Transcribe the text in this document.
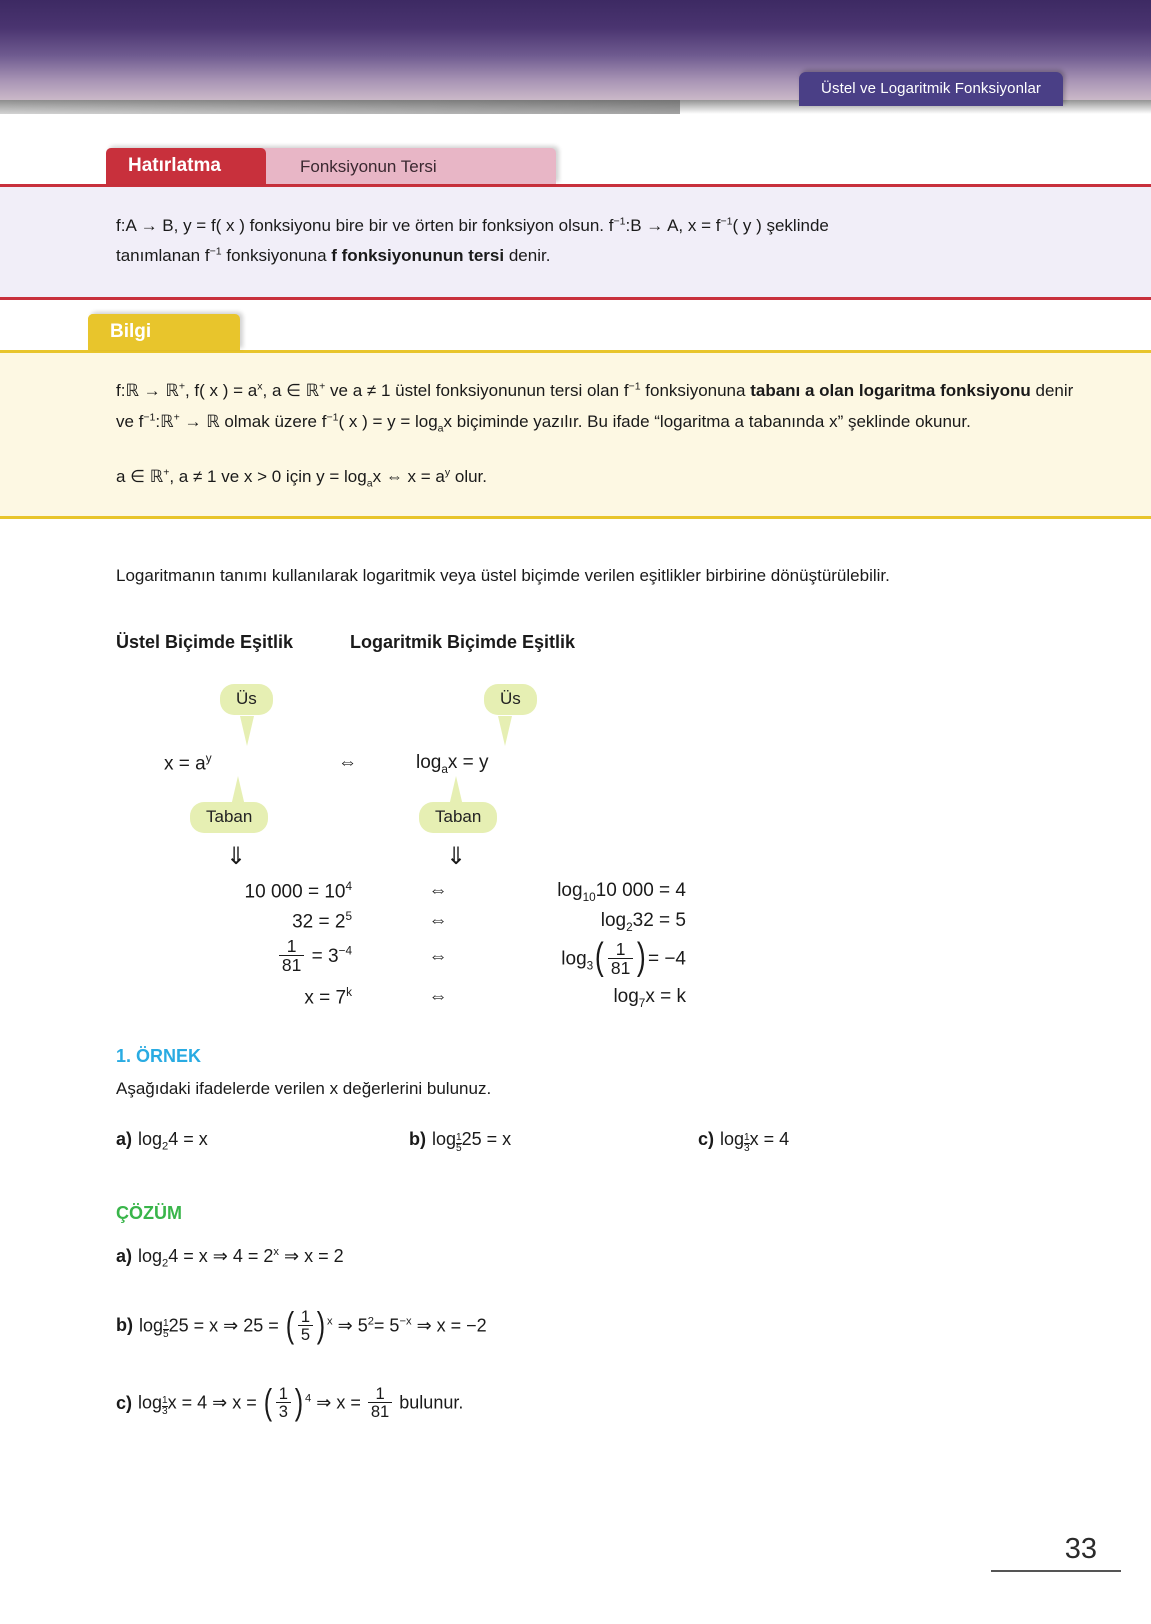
Üstel ve Logaritmik Fonksiyonlar
Hatırlatma	Fonksiyonun Tersi
f:A → B, y = f( x ) fonksiyonu bire bir ve örten bir fonksiyon olsun. $f^{-1}:B \to A$, $x = f^{-1}$( y ) şeklinde
tanımlanan $f^{-1}$ fonksiyonuna f fonksiyonunun tersi denir.
Bilgi
f:ℝ → ℝ+, f( x ) = $a^x$, a ∈ ℝ+ ve a ≠ 1 üstel fonksiyonunun tersi olan $f^{-1}$ fonksiyonuna tabanı a olan logaritma fonksiyonu denir ve $f^{-1}:ℝ^+$ → ℝ olmak üzere $f^{-1}$( x ) = $y = \log_ax$ biçiminde yazılır. Bu ifade “logaritma a tabanında x” şeklinde okunur.
a ∈ ℝ+, a ≠ 1 ve x > 0 için $y = \log_ax$ ⇔ $x = a^y$ olur.

Logaritmanın tanımı kullanılarak logaritmik veya üstel biçimde verilen eşitlikler birbirine dönüştürülebilir.

Üstel Biçimde Eşitlik	Logaritmik Biçimde Eşitlik
Üs
$x = a^y$
Taban
⇔
Üs
$\log_ax = y$
Taban
⇓	⇓
10 $000 = 10^4$	⇔	$\log_{10}10$ 000 = 4
$32 = 2^5$	⇔	$\log_232 = 5$
$\frac{1}{81} = 3^{-4}$	⇔	$\log_3( \frac{1}{81}$ )= −4
$x = 7^k$	⇔	$\log_7x = k$
1. ÖRNEK
Aşağıdaki ifadelerde verilen x değerlerini bulunuz.
a) $\log_24 = x$	b) $\log \frac{1}{5} 25 = x$	c) $\log \frac{1}{3}$ x = 4
ÇÖZÜM
a) $\log_24 = x$ ⇒ $4 = 2^x$ ⇒ x = 2
b) $\log \frac{1}{5} 25 = x$ ⇒ 25 = ( $\frac{1}{5}$ ) $^x$ ⇒ $5^2= 5^{-x}$ ⇒ x = −2
c) $\log \frac{1}{3}$ x = 4 ⇒ x = ( $\frac{1}{3}$ ) $^4$ ⇒ $x = \frac{1}{81}$ bulunur.
33
